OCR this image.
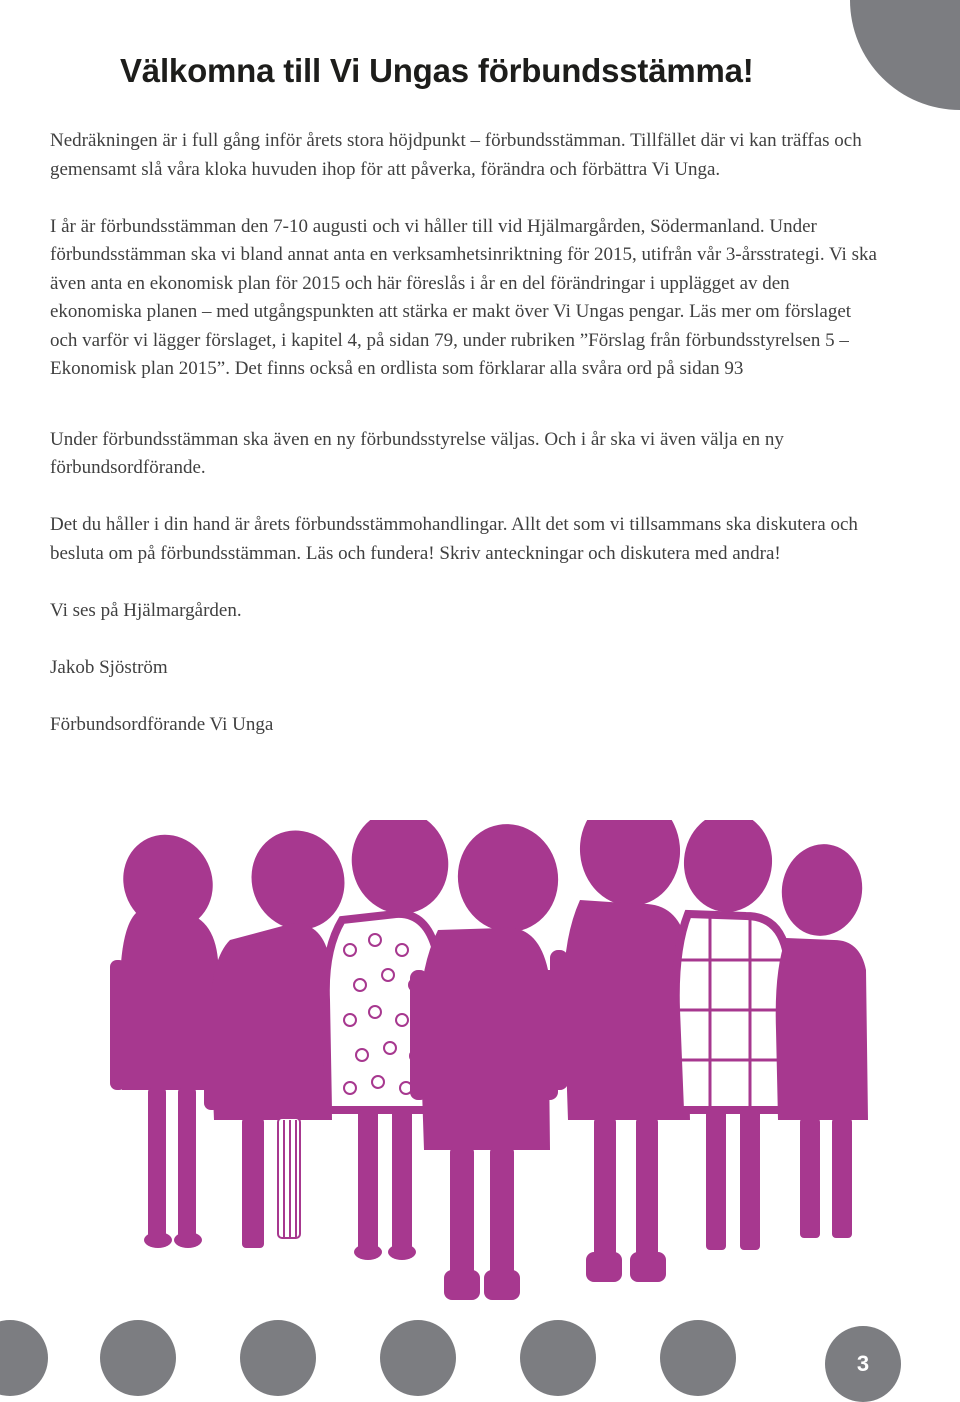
Välkomna till Vi Ungas förbundsstämma!

Nedräkningen är i full gång inför årets stora höjdpunkt – förbundsstämman. Tillfället där vi kan träffas och gemensamt slå våra kloka huvuden ihop för att påverka, förändra och förbättra Vi Unga.

I år är förbundsstämman den 7-10 augusti och vi håller till vid Hjälmargården, Södermanland. Under förbundsstämman ska vi bland annat anta en verksamhetsinriktning för 2015, utifrån vår 3-årsstrategi. Vi ska även anta en ekonomisk plan för 2015 och här föreslås i år en del förändringar i upplägget av den ekonomiska planen – med utgångspunkten att stärka er makt över Vi Ungas pengar. Läs mer om förslaget och varför vi lägger förslaget, i kapitel 4, på sidan 79, under rubriken ”Förslag från förbundsstyrelsen 5 – Ekonomisk plan 2015”. Det finns också en ordlista som förklarar alla svåra ord på sidan 93

Under förbundsstämman ska även en ny förbundsstyrelse väljas. Och i år ska vi även välja en ny förbundsordförande.

Det du håller i din hand är årets förbundsstämmohandlingar. Allt det som vi tillsammans ska diskutera och besluta om på förbundsstämman. Läs och fundera! Skriv anteckningar och diskutera med andra!

Vi ses på Hjälmargården.

Jakob Sjöström

Förbundsordförande Vi Unga

3
